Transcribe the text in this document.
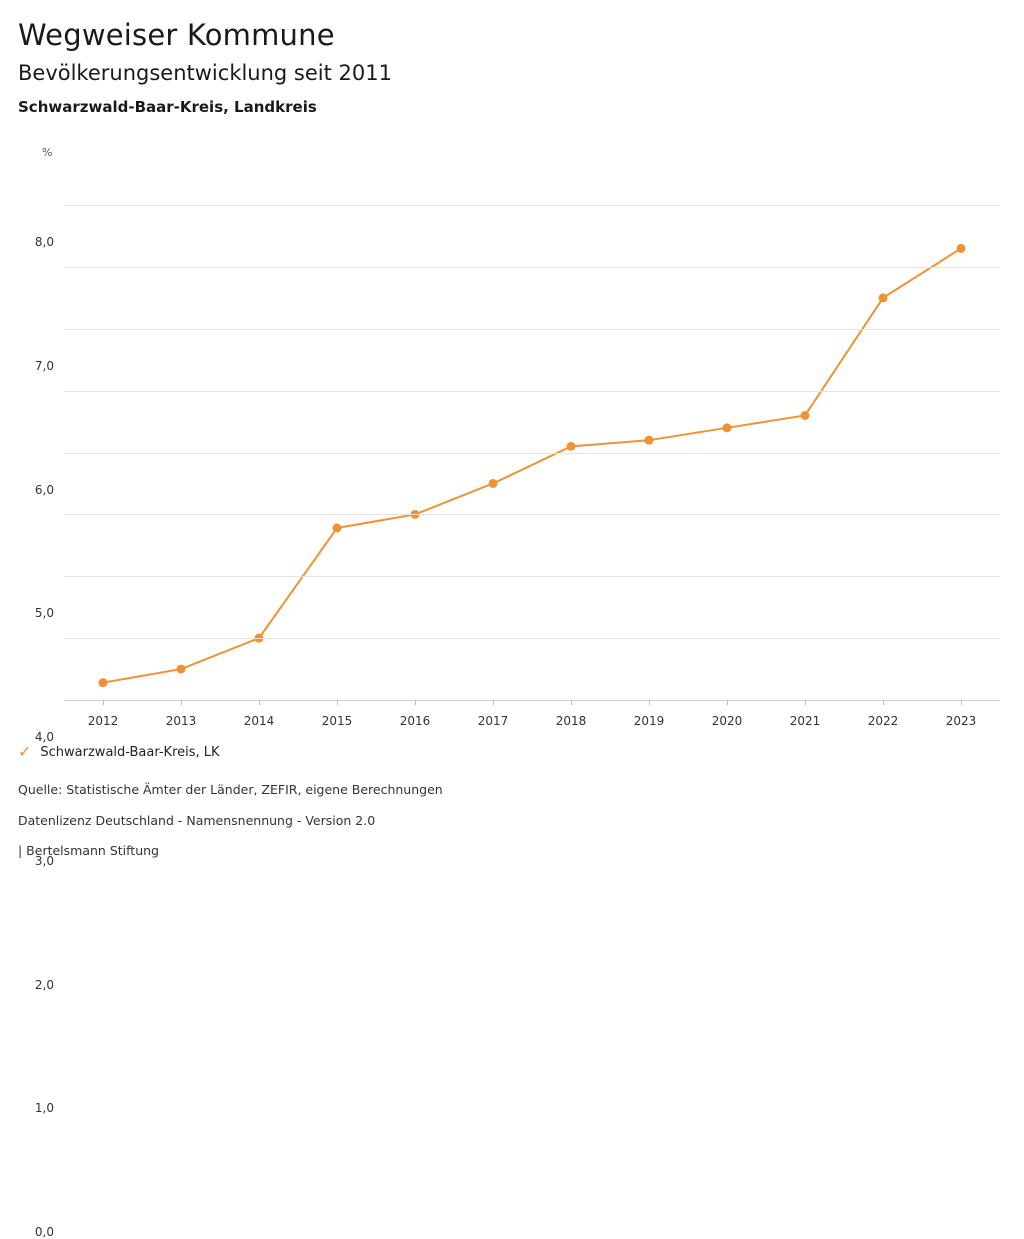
Wegweiser Kommune
Bevölkerungsentwicklung seit 2011
Schwarzwald-Baar-Kreis, Landkreis
%
0,0
1,0
2,0
3,0
4,0
5,0
6,0
7,0
8,0
2012	2013	2014	2015	2016	2017	2018	2019	2020	2021	2022	2023
✓ Schwarzwald-Baar-Kreis, LK
Quelle: Statistische Ämter der Länder, ZEFIR, eigene Berechnungen
Datenlizenz Deutschland - Namensnennung - Version 2.0
| Bertelsmann Stiftung
